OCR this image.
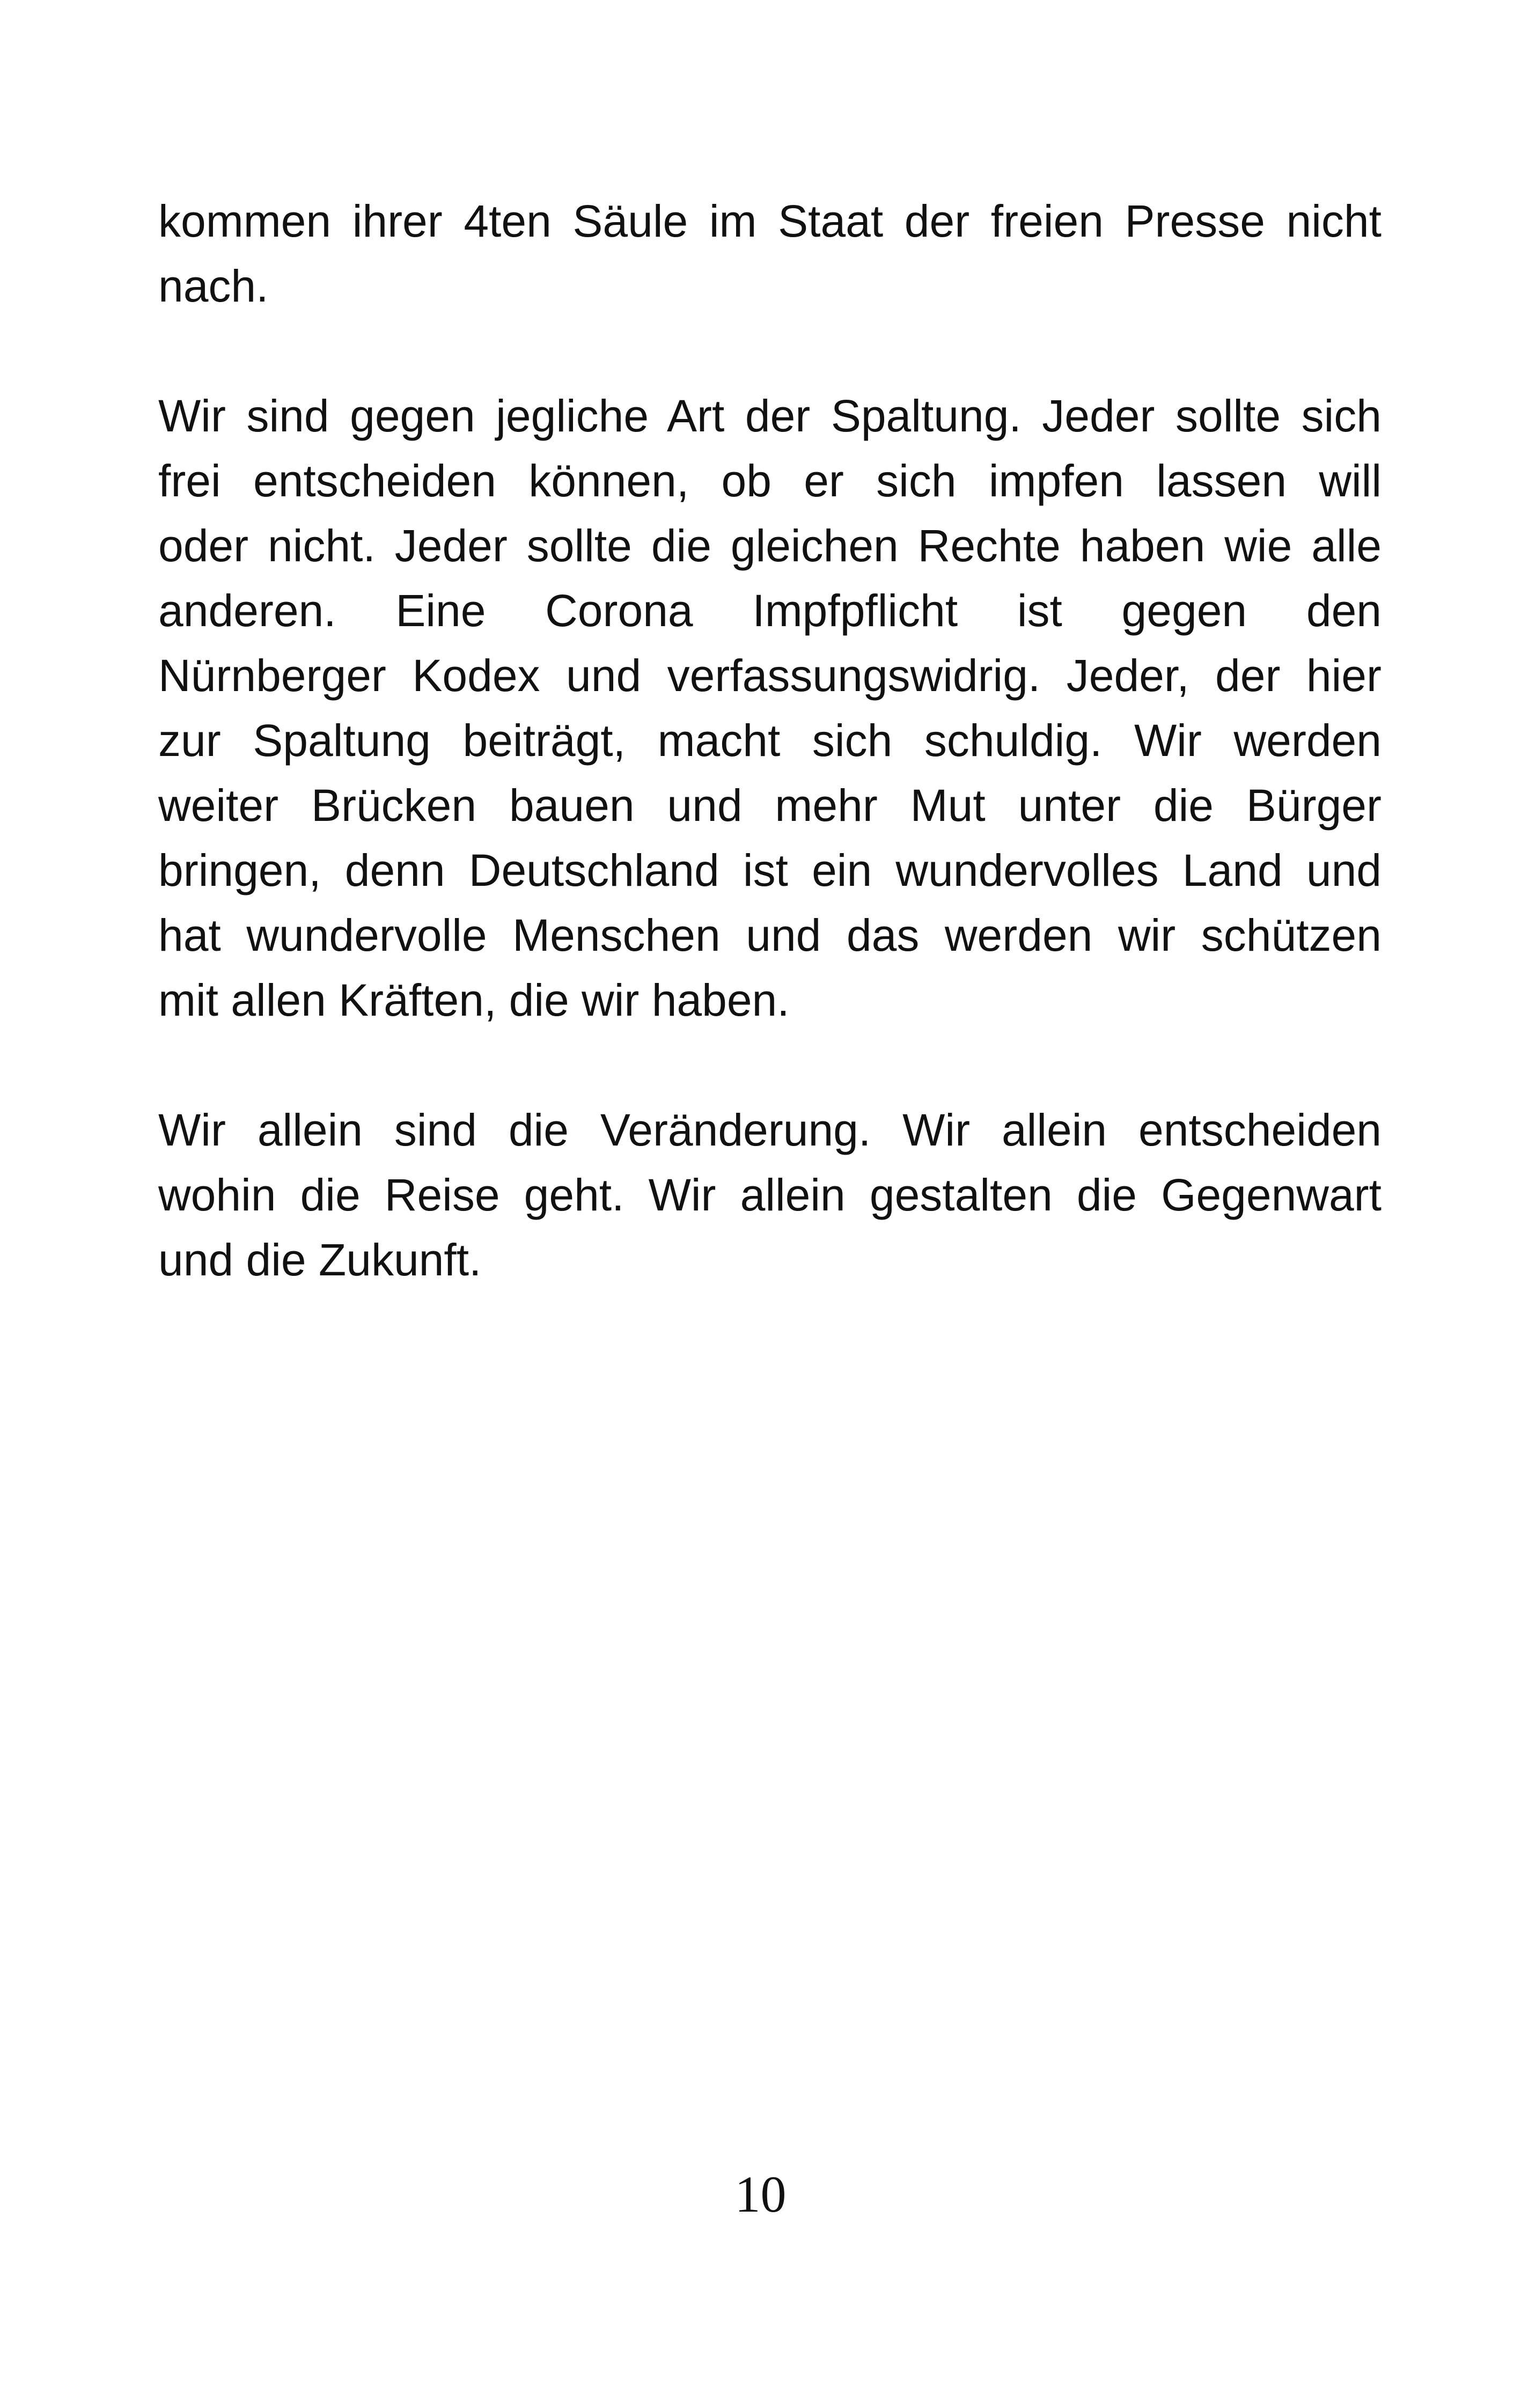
kommen ihrer 4ten Säule im Staat der freien Presse nicht
nach.

Wir sind gegen jegliche Art der Spaltung. Jeder sollte sich
frei entscheiden können, ob er sich impfen lassen will
oder nicht. Jeder sollte die gleichen Rechte haben wie alle
anderen. Eine Corona Impfpflicht ist gegen den
Nürnberger Kodex und verfassungswidrig. Jeder, der hier
zur Spaltung beiträgt, macht sich schuldig. Wir werden
weiter Brücken bauen und mehr Mut unter die Bürger
bringen, denn Deutschland ist ein wundervolles Land und
hat wundervolle Menschen und das werden wir schützen
mit allen Kräften, die wir haben.

Wir allein sind die Veränderung. Wir allein entscheiden
wohin die Reise geht. Wir allein gestalten die Gegenwart
und die Zukunft.

10
